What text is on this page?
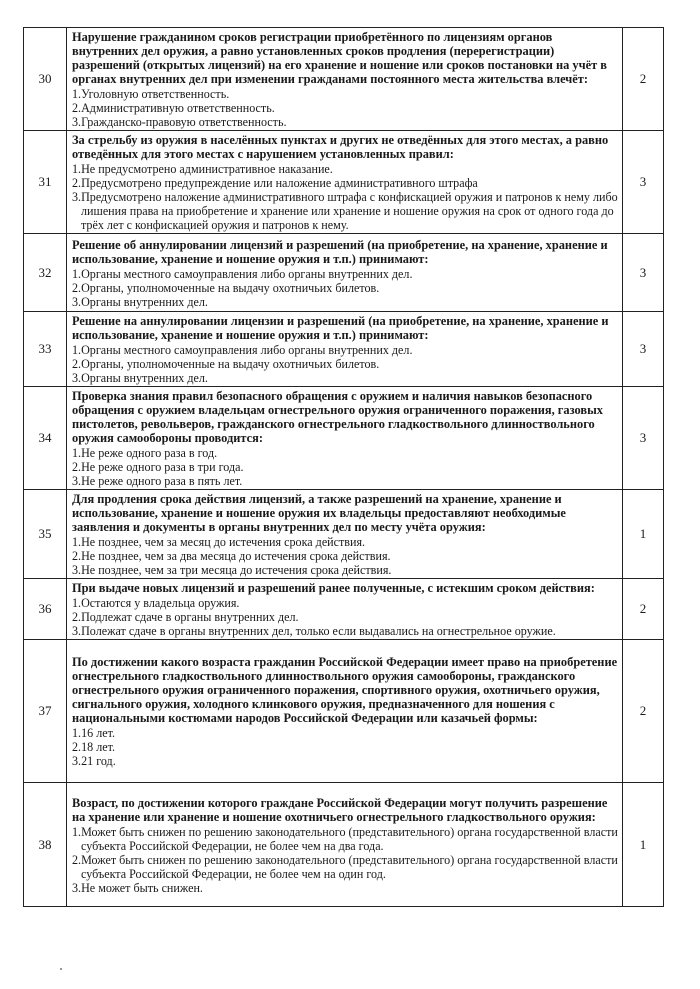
30	Нарушение гражданином сроков регистрации приобретённого по лицензиям органов внутренних дел оружия, а равно установленных сроков продления (перерегистрации) разрешений (открытых лицензий) на его хранение и ношение или сроков постановки на учёт в органах внутренних дел при изменении гражданами постоянного места жительства влечёт:
1.Уголовную ответственность.
2.Административную ответственность.
3.Гражданско-правовую ответственность.	2
31	За стрельбу из оружия в населённых пунктах и других не отведённых для этого местах, а равно отведённых для этого местах с нарушением установленных правил:
1.Не предусмотрено административное наказание.
2.Предусмотрено предупреждение или наложение административного штрафа
3.Предусмотрено наложение административного штрафа с конфискацией оружия и патронов к нему либо лишения права на приобретение и хранение или хранение и ношение оружия на срок от одного года до трёх лет с конфискацией оружия и патронов к нему.	3
32	Решение об аннулировании лицензий и разрешений (на приобретение, на хранение, хранение и использование, хранение и ношение оружия и т.п.) принимают:
1.Органы местного самоуправления либо органы внутренних дел.
2.Органы, уполномоченные на выдачу охотничьих билетов.
3.Органы внутренних дел.	3
33	Решение на аннулировании лицензии и разрешений (на приобретение, на хранение, хранение и использование, хранение и ношение оружия и т.п.) принимают:
1.Органы местного самоуправления либо органы внутренних дел.
2.Органы, уполномоченные на выдачу охотничьих билетов.
3.Органы внутренних дел.	3
34	Проверка знания правил безопасного обращения с оружием и наличия навыков безопасного обращения с оружием владельцам огнестрельного оружия ограниченного поражения, газовых пистолетов, револьверов, гражданского огнестрельного гладкоствольного длинноствольного оружия самообороны проводится:
1.Не реже одного раза в год.
2.Не реже одного раза в три года.
3.Не реже одного раза в пять лет.	3
35	Для продления срока действия лицензий, а также разрешений на хранение, хранение и использование, хранение и ношение оружия их владельцы предоставляют необходимые заявления и документы в органы внутренних дел по месту учёта оружия:
1.Не позднее, чем за месяц до истечения срока действия.
2.Не позднее, чем за два месяца до истечения срока действия.
3.Не позднее, чем за три месяца до истечения срока действия.	1
36	При выдаче новых лицензий и разрешений ранее полученные, с истекшим сроком действия:
1.Остаются у владельца оружия.
2.Подлежат сдаче в органы внутренних дел.
3.Полежат сдаче в органы внутренних дел, только если выдавались на огнестрельное оружие.	2
37	По достижении какого возраста гражданин Российской Федерации имеет право на приобретение огнестрельного гладкоствольного длинноствольного оружия самообороны, гражданского огнестрельного оружия ограниченного поражения, спортивного оружия, охотничьего оружия, сигнального оружия, холодного клинкового оружия, предназначенного для ношения с национальными костюмами народов Российской Федерации или казачьей формы:
1.16 лет.
2.18 лет.
3.21 год.	2
38	Возраст, по достижении которого граждане Российской Федерации могут получить разрешение на хранение или хранение и ношение охотничьего огнестрельного гладкоствольного оружия:
1.Может быть снижен по решению законодательного (представительного) органа государственной власти субъекта Российской Федерации, не более чем на два года.
2.Может быть снижен по решению законодательного (представительного) органа государственной власти субъекта Российской Федерации, не более чем на один год.
3.Не может быть снижен.	1
